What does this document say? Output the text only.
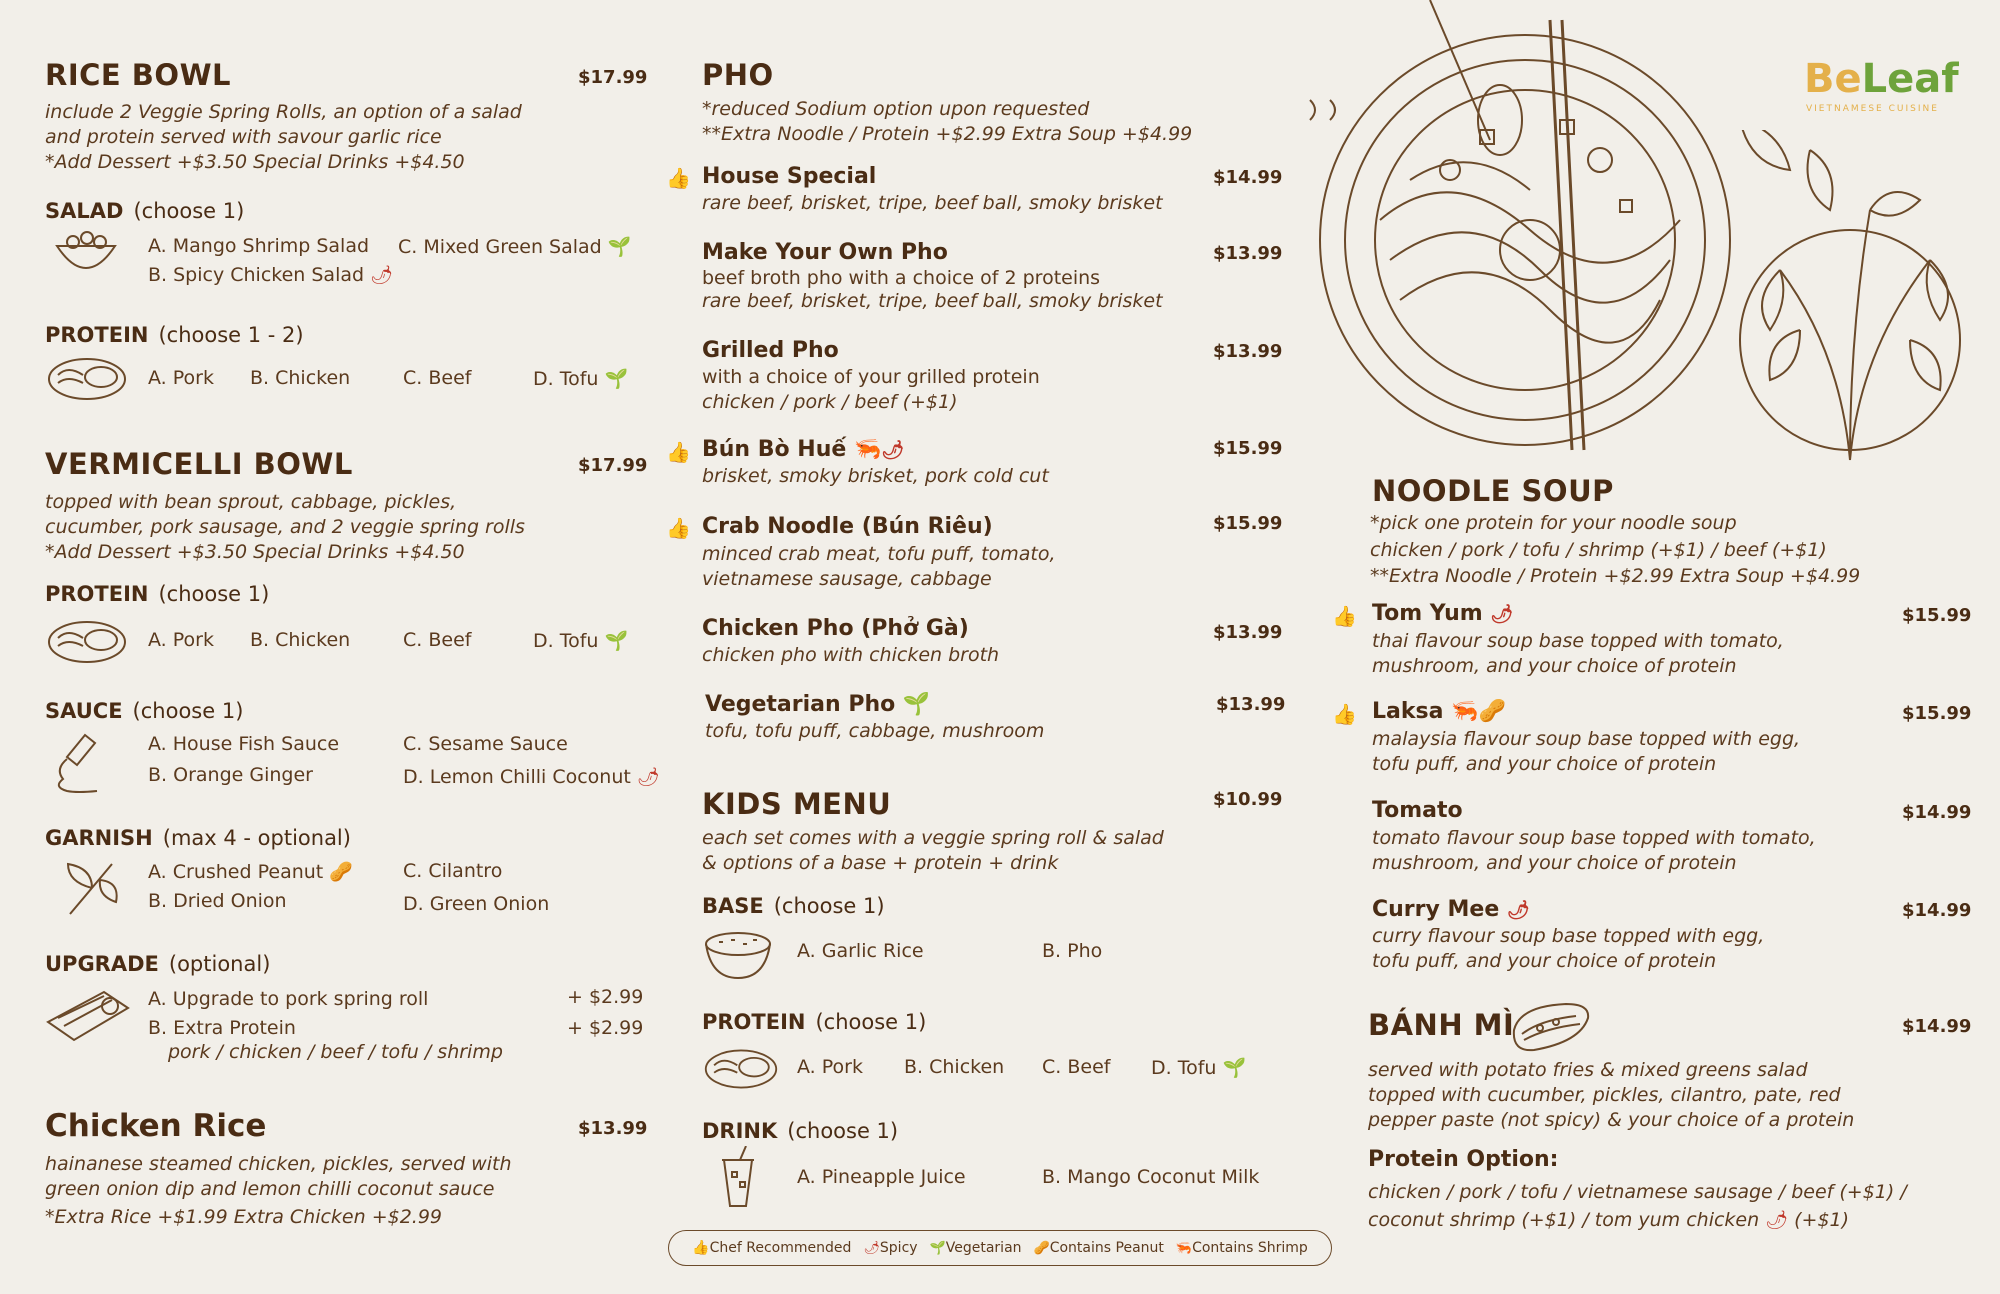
BeLeaf
VIETNAMESE CUISINE
RICE BOWL	$17.99
include 2 Veggie Spring Rolls, an option of a salad
and protein served with savour garlic rice
*Add Dessert +$3.50 Special Drinks +$4.50
SALAD (choose 1)
A. Mango Shrimp Salad
B. Spicy Chicken Salad 🌶
C. Mixed Green Salad 🌱
PROTEIN (choose 1 - 2)
A. Pork B. Chicken	C. Beef	D. Tofu 🌱
VERMICELLI BOWL	$17.99
topped with bean sprout, cabbage, pickles,
cucumber, pork sausage, and 2 veggie spring rolls
*Add Dessert +$3.50 Special Drinks +$4.50
PROTEIN (choose 1)
A. Pork B. Chicken	C. Beef	D. Tofu 🌱
SAUCE (choose 1)
A. House Fish Sauce
B. Orange Ginger
C. Sesame Sauce
D. Lemon Chilli Coconut 🌶
GARNISH (max 4 - optional)
A. Crushed Peanut 🥜
B. Dried Onion
C. Cilantro
D. Green Onion
UPGRADE (optional)
A. Upgrade to pork spring roll	+ $2.99
B. Extra Protein	+ $2.99
pork / chicken / beef / tofu / shrimp
Chicken Rice	$13.99
hainanese steamed chicken, pickles, served with
green onion dip and lemon chilli coconut sauce
*Extra Rice +$1.99 Extra Chicken +$2.99
PHO
*reduced Sodium option upon requested
**Extra Noodle / Protein +$2.99 Extra Soup +$4.99
👍 House Special	$14.99
rare beef, brisket, tripe, beef ball, smoky brisket
Make Your Own Pho	$13.99
beef broth pho with a choice of 2 proteins
rare beef, brisket, tripe, beef ball, smoky brisket
Grilled Pho	$13.99
with a choice of your grilled protein
chicken / pork / beef (+$1)
👍 Bún Bò Huế 🦐🌶	$15.99
brisket, smoky brisket, pork cold cut
👍 Crab Noodle (Bún Riêu)	$15.99
minced crab meat, tofu puff, tomato,
vietnamese sausage, cabbage
Chicken Pho (Phở Gà)	$13.99
chicken pho with chicken broth
Vegetarian Pho 🌱	$13.99
tofu, tofu puff, cabbage, mushroom
KIDS MENU	$10.99
each set comes with a veggie spring roll & salad
& options of a base + protein + drink
BASE (choose 1)
A. Garlic Rice	B. Pho
PROTEIN (choose 1)
A. Pork B. Chicken C. Beef D. Tofu 🌱
DRINK (choose 1)
A. Pineapple Juice	B. Mango Coconut Milk
👍Chef Recommended 🌶Spicy 🌱Vegetarian 🥜Contains Peanut 🦐Contains Shrimp
NOODLE SOUP
*pick one protein for your noodle soup
chicken / pork / tofu / shrimp (+$1) / beef (+$1)
**Extra Noodle / Protein +$2.99 Extra Soup +$4.99
👍 Tom Yum 🌶	$15.99
thai flavour soup base topped with tomato,
mushroom, and your choice of protein
👍 Laksa 🦐🥜	$15.99
malaysia flavour soup base topped with egg,
tofu puff, and your choice of protein
Tomato	$14.99
tomato flavour soup base topped with tomato,
mushroom, and your choice of protein
Curry Mee 🌶	$14.99
curry flavour soup base topped with egg,
tofu puff, and your choice of protein
BÁNH MÌ	$14.99
served with potato fries & mixed greens salad
topped with cucumber, pickles, cilantro, pate, red
pepper paste (not spicy) & your choice of a protein
Protein Option:
chicken / pork / tofu / vietnamese sausage / beef (+$1) /
coconut shrimp (+$1) / tom yum chicken 🌶 (+$1)
